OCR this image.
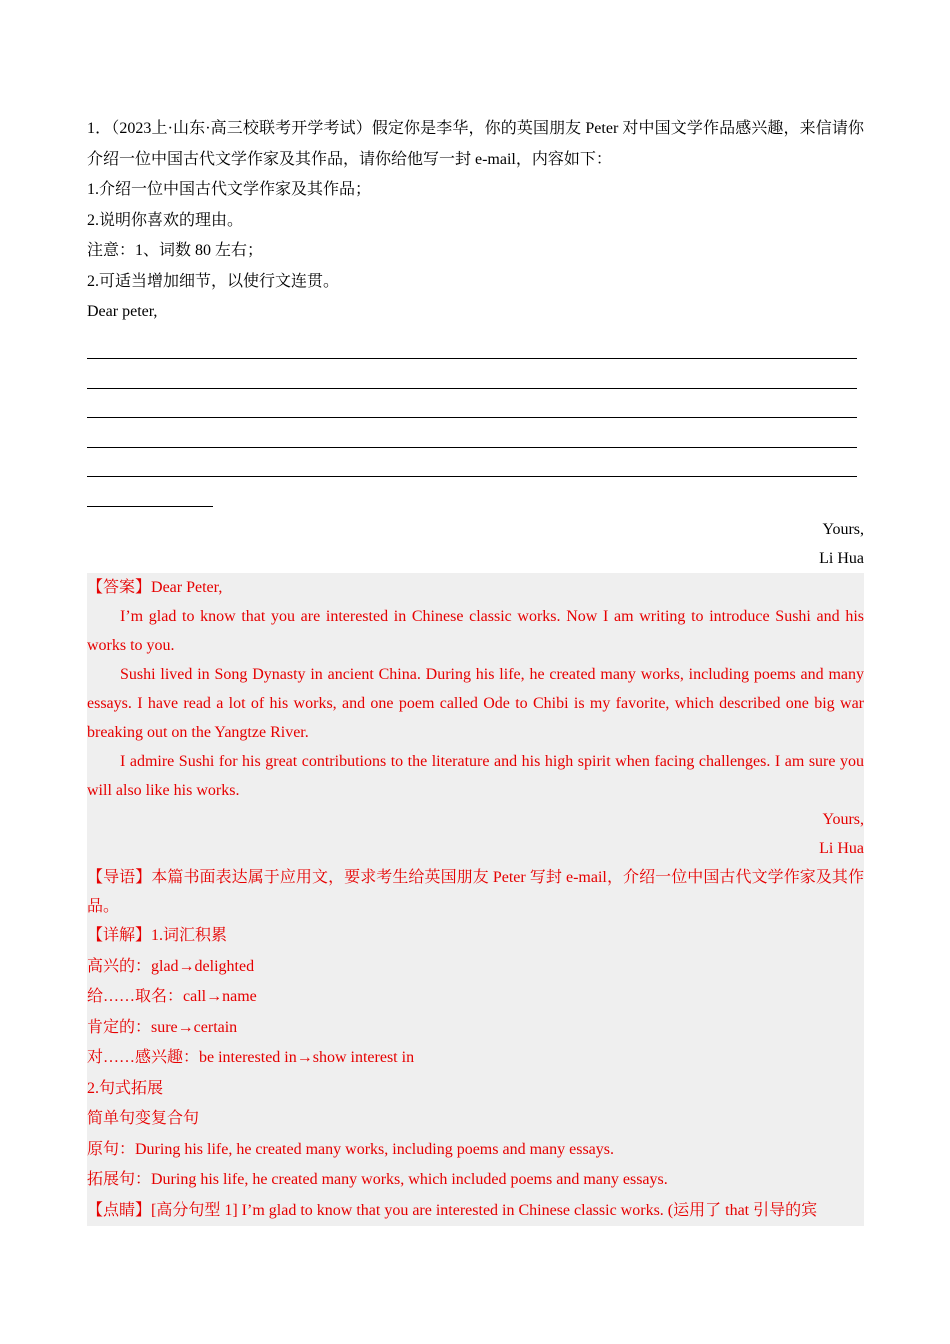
1．（2023上·山东·高三校联考开学考试）假定你是李华，你的英国朋友 Peter 对中国文学作品感兴趣，来信请你介绍一位中国古代文学作家及其作品，请你给他写一封 e-mail，内容如下：

1.介绍一位中国古代文学作家及其作品；

2.说明你喜欢的理由。

注意：1、词数 80 左右；

2.可适当增加细节，以使行文连贯。

Dear peter,

Yours,
Li Hua

【答案】Dear Peter,

I’m glad to know that you are interested in Chinese classic works. Now I am writing to introduce Sushi and his works to you.

Sushi lived in Song Dynasty in ancient China. During his life, he created many works, including poems and many essays. I have read a lot of his works, and one poem called Ode to Chibi is my favorite, which described one big war breaking out on the Yangtze River.

I admire Sushi for his great contributions to the literature and his high spirit when facing challenges. I am sure you will also like his works.

Yours,

Li Hua

【导语】本篇书面表达属于应用文，要求考生给英国朋友 Peter 写封 e-mail，介绍一位中国古代文学作家及其作品。

【详解】1.词汇积累

高兴的：glad→delighted

给……取名：call→name

肯定的：sure→certain

对……感兴趣：be interested in→show interest in

2.句式拓展

简单句变复合句

原句：During his life, he created many works, including poems and many essays.

拓展句：During his life, he created many works, which included poems and many essays.

【点睛】[高分句型 1] I’m glad to know that you are interested in Chinese classic works. (运用了 that 引导的宾
